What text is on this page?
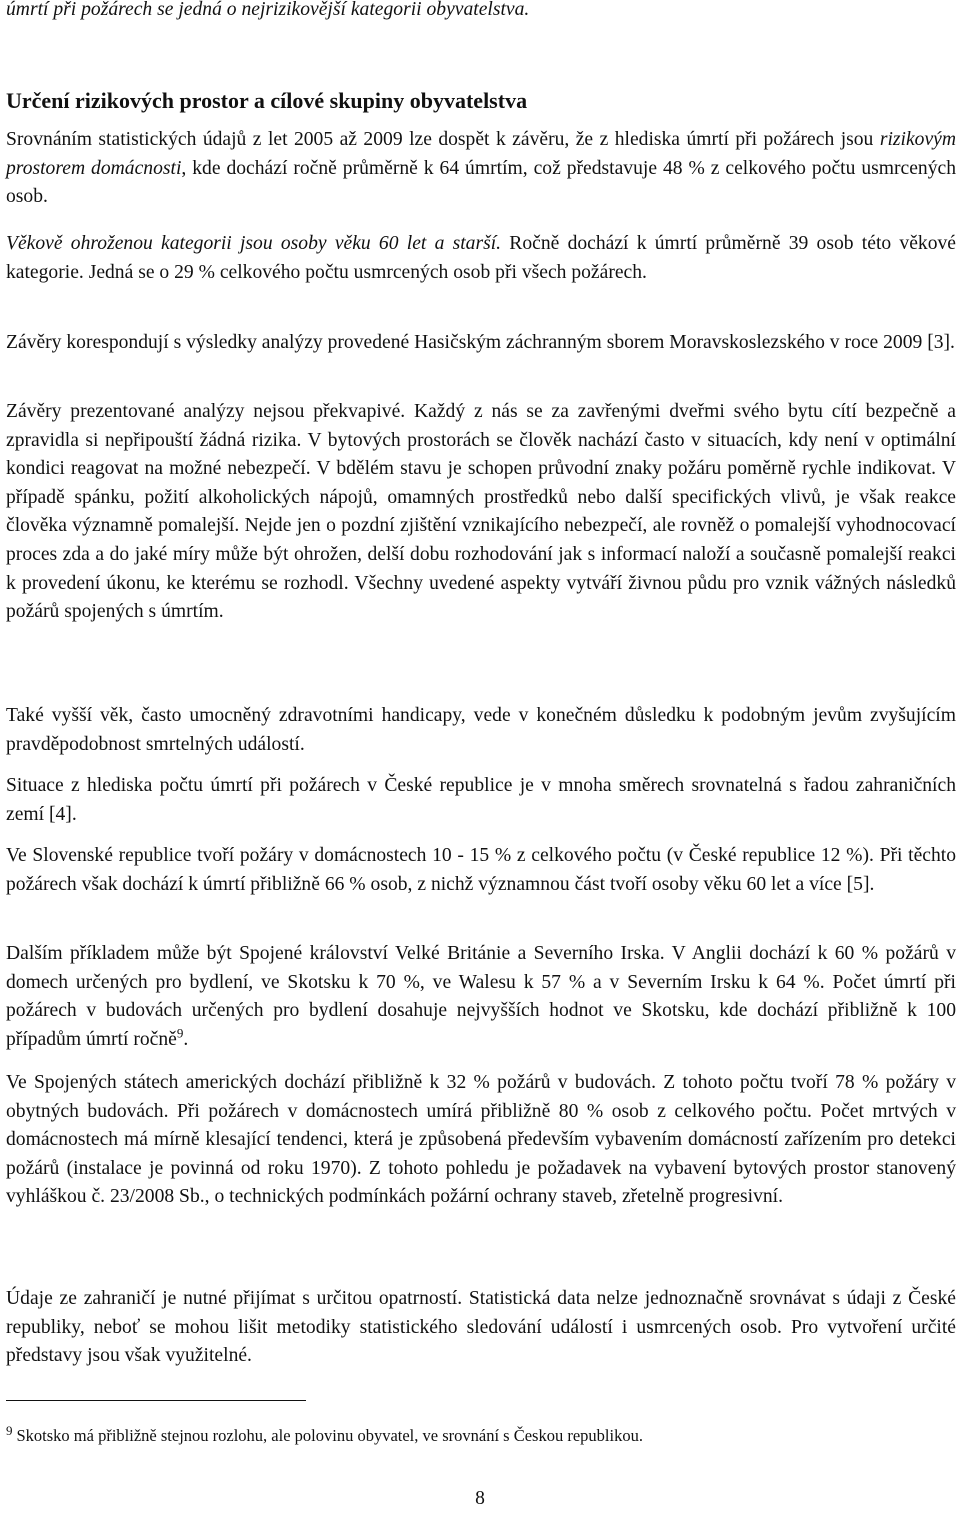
úmrtí při požárech se jedná o nejrizikovější kategorii obyvatelstva.
Určení rizikových prostor a cílové skupiny obyvatelstva

Srovnáním statistických údajů z let 2005 až 2009 lze dospět k závěru, že z hlediska úmrtí při požárech jsou rizikovým prostorem domácnosti, kde dochází ročně průměrně k 64 úmrtím, což představuje 48 % z celkového počtu usmrcených osob.

Věkově ohroženou kategorii jsou osoby věku 60 let a starší. Ročně dochází k úmrtí průměrně 39 osob této věkové kategorie. Jedná se o 29 % celkového počtu usmrcených osob při všech požárech.

Závěry korespondují s výsledky analýzy provedené Hasičským záchranným sborem Moravskoslezského v roce 2009 [3].

Závěry prezentované analýzy nejsou překvapivé. Každý z nás se za zavřenými dveřmi svého bytu cítí bezpečně a zpravidla si nepřipouští žádná rizika. V bytových prostorách se člověk nachází často v situacích, kdy není v optimální kondici reagovat na možné nebezpečí. V bdělém stavu je schopen průvodní znaky požáru poměrně rychle indikovat. V případě spánku, požití alkoholických nápojů, omamných prostředků nebo další specifických vlivů, je však reakce člověka významně pomalejší. Nejde jen o pozdní zjištění vznikajícího nebezpečí, ale rovněž o pomalejší vyhodnocovací proces zda a do jaké míry může být ohrožen, delší dobu rozhodování jak s informací naloží a současně pomalejší reakci k provedení úkonu, ke kterému se rozhodl. Všechny uvedené aspekty vytváří živnou půdu pro vznik vážných následků požárů spojených s úmrtím.

Také vyšší věk, často umocněný zdravotními handicapy, vede v konečném důsledku k podobným jevům zvyšujícím pravděpodobnost smrtelných událostí.

Situace z hlediska počtu úmrtí při požárech v České republice je v mnoha směrech srovnatelná s řadou zahraničních zemí [4].

Ve Slovenské republice tvoří požáry v domácnostech 10 - 15 % z celkového počtu (v České republice 12 %). Při těchto požárech však dochází k úmrtí přibližně 66 % osob, z nichž významnou část tvoří osoby věku 60 let a více [5].

Dalším příkladem může být Spojené království Velké Británie a Severního Irska. V Anglii dochází k 60 % požárů v domech určených pro bydlení, ve Skotsku k 70 %, ve Walesu k 57 % a v Severním Irsku k 64 %. Počet úmrtí při požárech v budovách určených pro bydlení dosahuje nejvyšších hodnot ve Skotsku, kde dochází přibližně k 100 případům úmrtí ročně$^9$.

Ve Spojených státech amerických dochází přibližně k 32 % požárů v budovách. Z tohoto počtu tvoří 78 % požáry v obytných budovách. Při požárech v domácnostech umírá přibližně 80 % osob z celkového počtu. Počet mrtvých v domácnostech má mírně klesající tendenci, která je způsobená především vybavením domácností zařízením pro detekci požárů (instalace je povinná od roku 1970). Z tohoto pohledu je požadavek na vybavení bytových prostor stanovený vyhláškou č. 23/2008 Sb., o technických podmínkách požární ochrany staveb, zřetelně progresivní.

Údaje ze zahraničí je nutné přijímat s určitou opatrností. Statistická data nelze jednoznačně srovnávat s údaji z České republiky, neboť se mohou lišit metodiky statistického sledování událostí i usmrcených osob. Pro vytvoření určité představy jsou však využitelné.

$^9$ Skotsko má přibližně stejnou rozlohu, ale polovinu obyvatel, ve srovnání s Českou republikou.
8
